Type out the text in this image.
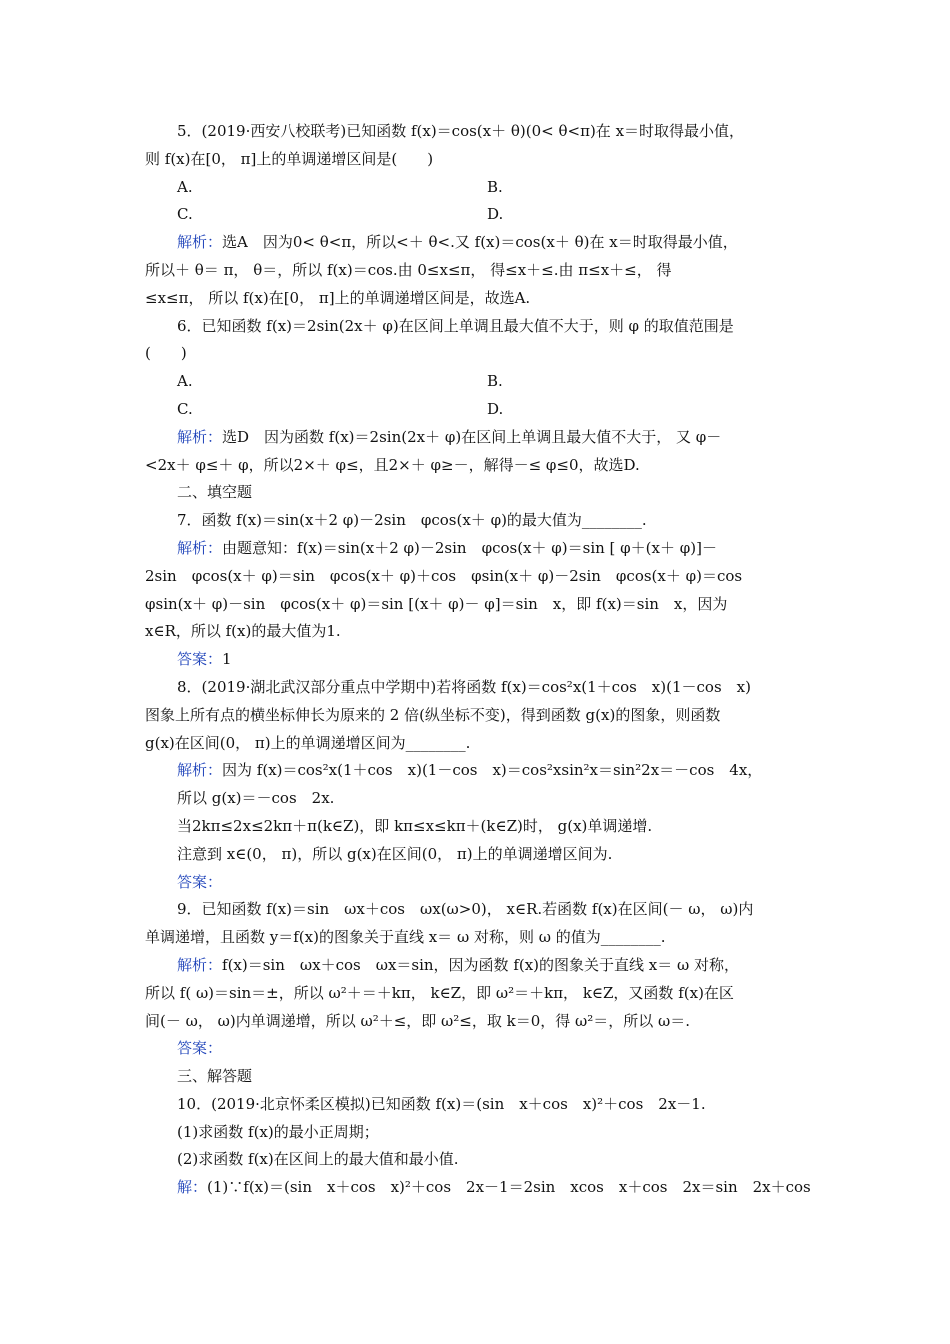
5．(2019·西安八校联考)已知函数 f(x)＝cos(x＋ θ)(0< θ<π)在 x＝时取得最小值，
则 f(x)在[0， π]上的单调递增区间是(　　)
A.	B.
C.	D.
解析：选A　因为0< θ<π，所以<＋ θ<.又 f(x)＝cos(x＋ θ)在 x＝时取得最小值，
所以＋ θ＝ π， θ＝，所以 f(x)＝cos.由 0≤x≤π， 得≤x＋≤.由 π≤x＋≤， 得
≤x≤π， 所以 f(x)在[0， π]上的单调递增区间是，故选A.
6．已知函数 f(x)＝2sin(2x＋ φ)在区间上单调且最大值不大于，则 φ 的取值范围是
(　　)
A.	B.
C.	D.
解析：选D　因为函数 f(x)＝2sin(2x＋ φ)在区间上单调且最大值不大于， 又 φ－
<2x＋ φ≤＋ φ，所以2×＋ φ≤，且2×＋ φ≥－，解得－≤ φ≤0，故选D.
二、填空题
7．函数 f(x)＝sin(x＋2 φ)－2sin　φcos(x＋ φ)的最大值为________.
解析：由题意知：f(x)＝sin(x＋2 φ)－2sin　φcos(x＋ φ)＝sin [ φ＋(x＋ φ)]－
2sin　φcos(x＋ φ)＝sin　φcos(x＋ φ)＋cos　φsin(x＋ φ)－2sin　φcos(x＋ φ)＝cos
φsin(x＋ φ)－sin　φcos(x＋ φ)＝sin [(x＋ φ)－ φ]＝sin　x，即 f(x)＝sin　x，因为
x∈R，所以 f(x)的最大值为1.
答案：1
8．(2019·湖北武汉部分重点中学期中)若将函数 f(x)＝cos²x(1＋cos　x)(1－cos　x)
图象上所有点的横坐标伸长为原来的 2 倍(纵坐标不变)，得到函数 g(x)的图象，则函数
g(x)在区间(0， π)上的单调递增区间为________.
解析：因为 f(x)＝cos²x(1＋cos　x)(1－cos　x)＝cos²xsin²x＝sin²2x＝－cos　4x，
所以 g(x)＝－cos　2x.
当2kπ≤2x≤2kπ＋π(k∈Z)，即 kπ≤x≤kπ＋(k∈Z)时， g(x)单调递增.
注意到 x∈(0， π)，所以 g(x)在区间(0， π)上的单调递增区间为.
答案：
9．已知函数 f(x)＝sin　ωx＋cos　ωx(ω>0)， x∈R.若函数 f(x)在区间(－ ω， ω)内
单调递增，且函数 y＝f(x)的图象关于直线 x＝ ω 对称，则 ω 的值为________.
解析：f(x)＝sin　ωx＋cos　ωx＝sin，因为函数 f(x)的图象关于直线 x＝ ω 对称，
所以 f( ω)＝sin＝±，所以 ω²＋＝＋kπ， k∈Z，即 ω²＝＋kπ， k∈Z，又函数 f(x)在区
间(－ ω， ω)内单调递增，所以 ω²＋≤，即 ω²≤，取 k＝0，得 ω²＝，所以 ω＝.
答案：
三、解答题
10．(2019·北京怀柔区模拟)已知函数 f(x)＝(sin　x＋cos　x)²＋cos　2x－1.
(1)求函数 f(x)的最小正周期；
(2)求函数 f(x)在区间上的最大值和最小值.
解：(1)∵f(x)＝(sin　x＋cos　x)²＋cos　2x－1＝2sin　xcos　x＋cos　2x＝sin　2x＋cos
